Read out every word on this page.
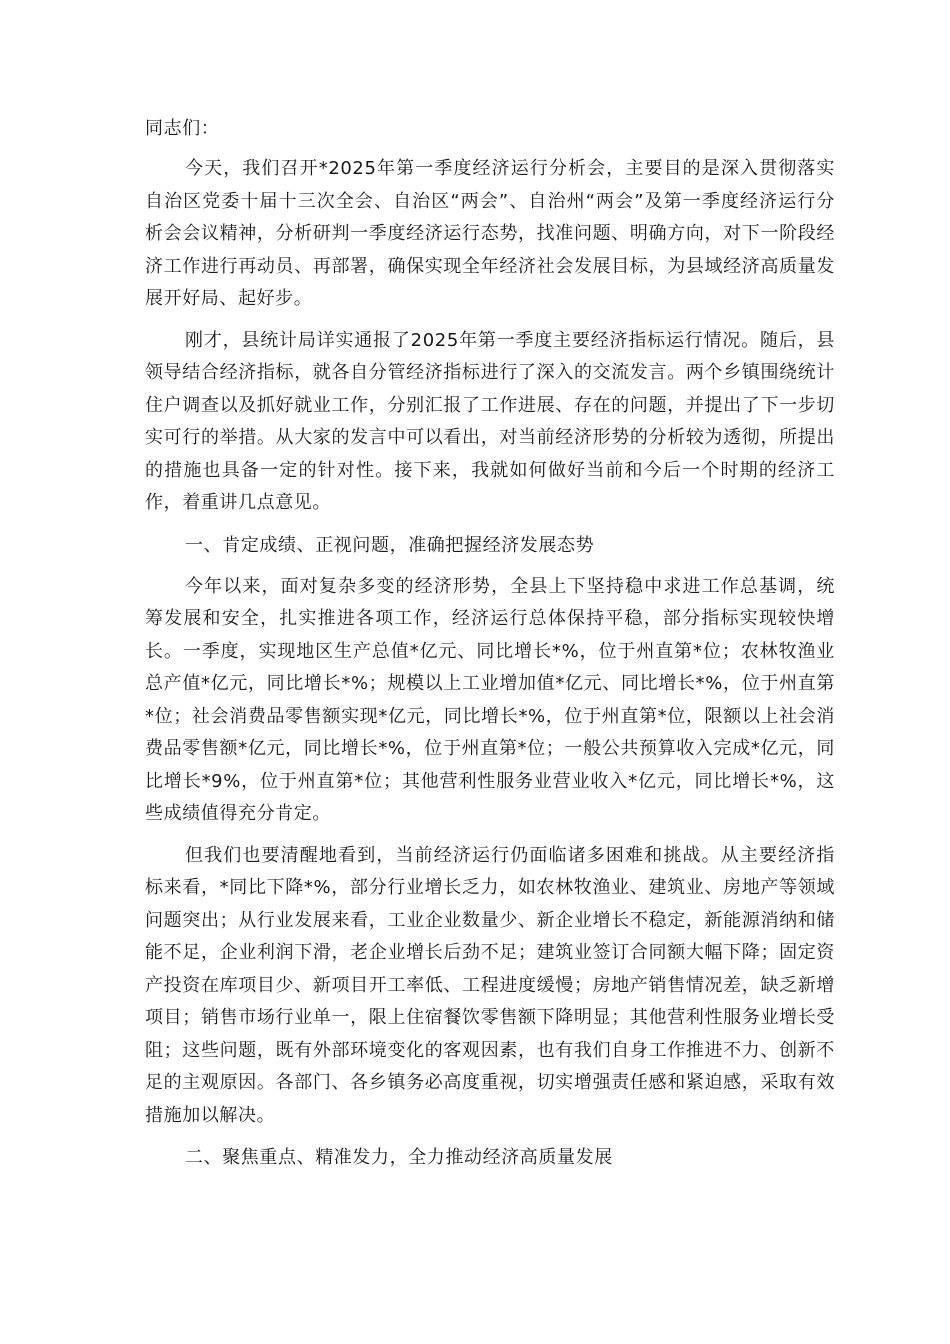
同志们：

今天，我们召开*2025年第一季度经济运行分析会，主要目的是深入贯彻落实自治区党委十届十三次全会、自治区“两会”、自治州“两会”及第一季度经济运行分析会会议精神，分析研判一季度经济运行态势，找准问题、明确方向，对下一阶段经济工作进行再动员、再部署，确保实现全年经济社会发展目标，为县域经济高质量发展开好局、起好步。

刚才，县统计局详实通报了2025年第一季度主要经济指标运行情况。随后，县领导结合经济指标，就各自分管经济指标进行了深入的交流发言。两个乡镇围绕统计住户调查以及抓好就业工作，分别汇报了工作进展、存在的问题，并提出了下一步切实可行的举措。从大家的发言中可以看出，对当前经济形势的分析较为透彻，所提出的措施也具备一定的针对性。接下来，我就如何做好当前和今后一个时期的经济工作，着重讲几点意见。

一、肯定成绩、正视问题，准确把握经济发展态势

今年以来，面对复杂多变的经济形势，全县上下坚持稳中求进工作总基调，统筹发展和安全，扎实推进各项工作，经济运行总体保持平稳，部分指标实现较快增长。一季度，实现地区生产总值*亿元、同比增长*%，位于州直第*位；农林牧渔业总产值*亿元，同比增长*%；规模以上工业增加值*亿元、同比增长*%，位于州直第*位；社会消费品零售额实现*亿元，同比增长*%，位于州直第*位，限额以上社会消费品零售额*亿元，同比增长*%，位于州直第*位；一般公共预算收入完成*亿元，同比增长*9%，位于州直第*位；其他营利性服务业营业收入*亿元，同比增长*%，这些成绩值得充分肯定。

但我们也要清醒地看到，当前经济运行仍面临诸多困难和挑战。从主要经济指标来看，*同比下降*%，部分行业增长乏力，如农林牧渔业、建筑业、房地产等领域问题突出；从行业发展来看，工业企业数量少、新企业增长不稳定，新能源消纳和储能不足，企业利润下滑，老企业增长后劲不足；建筑业签订合同额大幅下降；固定资产投资在库项目少、新项目开工率低、工程进度缓慢；房地产销售情况差，缺乏新增项目；销售市场行业单一，限上住宿餐饮零售额下降明显；其他营利性服务业增长受阻；这些问题，既有外部环境变化的客观因素，也有我们自身工作推进不力、创新不足的主观原因。各部门、各乡镇务必高度重视，切实增强责任感和紧迫感，采取有效措施加以解决。

二、聚焦重点、精准发力，全力推动经济高质量发展
